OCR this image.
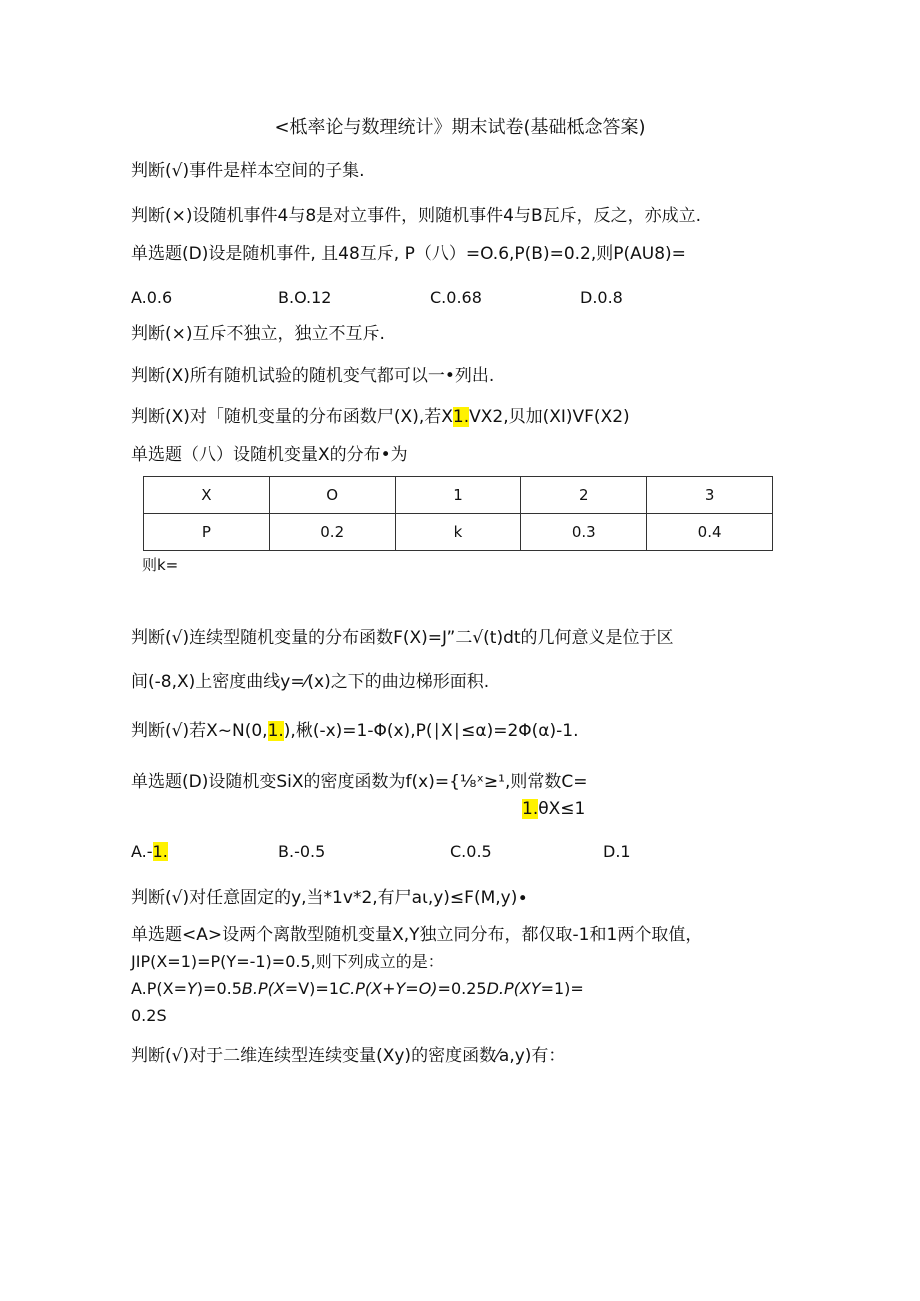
<柢率论与数理统计》期末试卷(基础柢念答案)
判断(√)事件是样本空间的子集.
判断(×)设随机事件4与8是对立事件，则随机事件4与B瓦斥，反之，亦成立.
单选题(D)设是随机事件, 且48互斥, P（八）=O.6,P(B)=0.2,则P(AU8)=
A.0.6	B.O.12	C.0.68	D.0.8
判断(×)互斥不独立，独立不互斥.
判断(X)所有随机试验的随机变气都可以一•列出.
判断(X)对「随机变量的分布函数尸(X),若X1.VX2,贝加(XI)VF(X2)
单选题（八）设随机变量X的分布•为
X	O	1	2	3
P	0.2	k	0.3	0.4
则k=
判断(√)连续型随机变量的分布函数F(X)=J”二√(t)dt的几何意义是位于区
间(-8,X)上密度曲线y=⁄(x)之下的曲边梯形面积.
判断(√)若X~N(0,1.),楸(-x)=1-Φ(x),P(∣X∣≤α)=2Φ(α)-1.
单选题(D)设随机变SiX的密度函数为f(x)={⅛ˣ≥¹,则常数C=
1.θX≤1
A.-1.	B.-0.5	C.0.5	D.1
判断(√)对任意固定的y,当*1v*2,有尸aι,y)≤F(M,y)∙
单选题<A>设两个离散型随机变量X,Y独立同分布，都仅取-1和1两个取值，
JIP(X=1)=P(Y=-1)=0.5,则下列成立的是：
A.P(X=Y)=0.5B.P(X=V)=1C.P(X+Y=O)=0.25D.P(XY=1)=
0.2S
判断(√)对于二维连续型连续变量(Xy)的密度函数⁄a,y)有：
